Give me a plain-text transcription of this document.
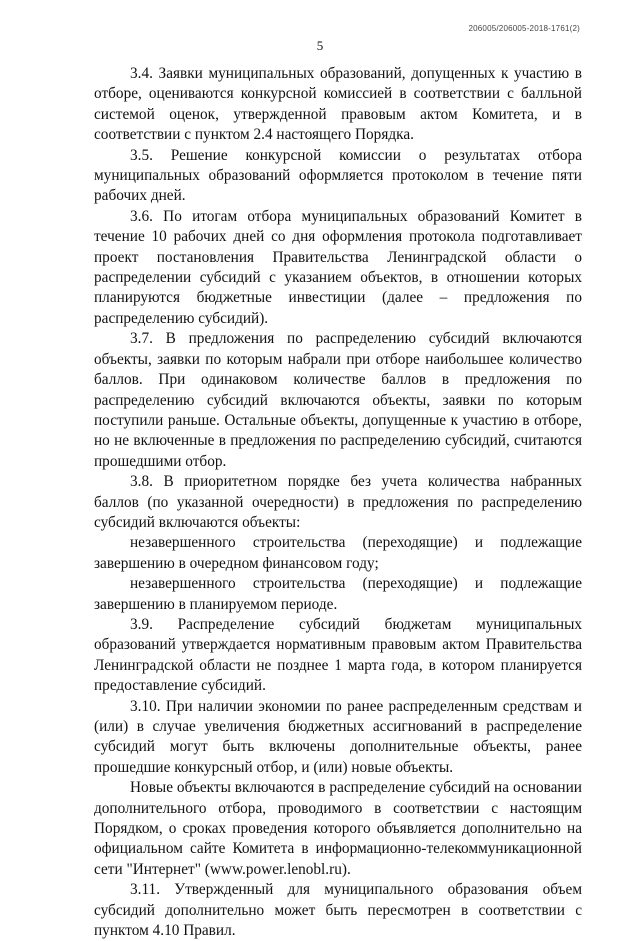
206005/206005-2018-1761(2)
5

3.4. Заявки муниципальных образований, допущенных к участию в отборе, оцениваются конкурсной комиссией в соответствии с балльной системой оценок, утвержденной правовым актом Комитета, и в соответствии с пунктом 2.4 настоящего Порядка.

3.5. Решение конкурсной комиссии о результатах отбора муниципальных образований оформляется протоколом в течение пяти рабочих дней.

3.6. По итогам отбора муниципальных образований Комитет в течение 10 рабочих дней со дня оформления протокола подготавливает проект постановления Правительства Ленинградской области о распределении субсидий с указанием объектов, в отношении которых планируются бюджетные инвестиции (далее – предложения по распределению субсидий).

3.7. В предложения по распределению субсидий включаются объекты, заявки по которым набрали при отборе наибольшее количество баллов. При одинаковом количестве баллов в предложения по распределению субсидий включаются объекты, заявки по которым поступили раньше. Остальные объекты, допущенные к участию в отборе, но не включенные в предложения по распределению субсидий, считаются прошедшими отбор.

3.8. В приоритетном порядке без учета количества набранных баллов (по указанной очередности) в предложения по распределению субсидий включаются объекты:

незавершенного строительства (переходящие) и подлежащие завершению в очередном финансовом году;

незавершенного строительства (переходящие) и подлежащие завершению в планируемом периоде.

3.9. Распределение субсидий бюджетам муниципальных образований утверждается нормативным правовым актом Правительства Ленинградской области не позднее 1 марта года, в котором планируется предоставление субсидий.

3.10. При наличии экономии по ранее распределенным средствам и (или) в случае увеличения бюджетных ассигнований в распределение субсидий могут быть включены дополнительные объекты, ранее прошедшие конкурсный отбор, и (или) новые объекты.

Новые объекты включаются в распределение субсидий на основании дополнительного отбора, проводимого в соответствии с настоящим Порядком, о сроках проведения которого объявляется дополнительно на официальном сайте Комитета в информационно-телекоммуникационной сети "Интернет" (www.power.lenobl.ru).

3.11. Утвержденный для муниципального образования объем субсидий дополнительно может быть пересмотрен в соответствии с пунктом 4.10 Правил.
